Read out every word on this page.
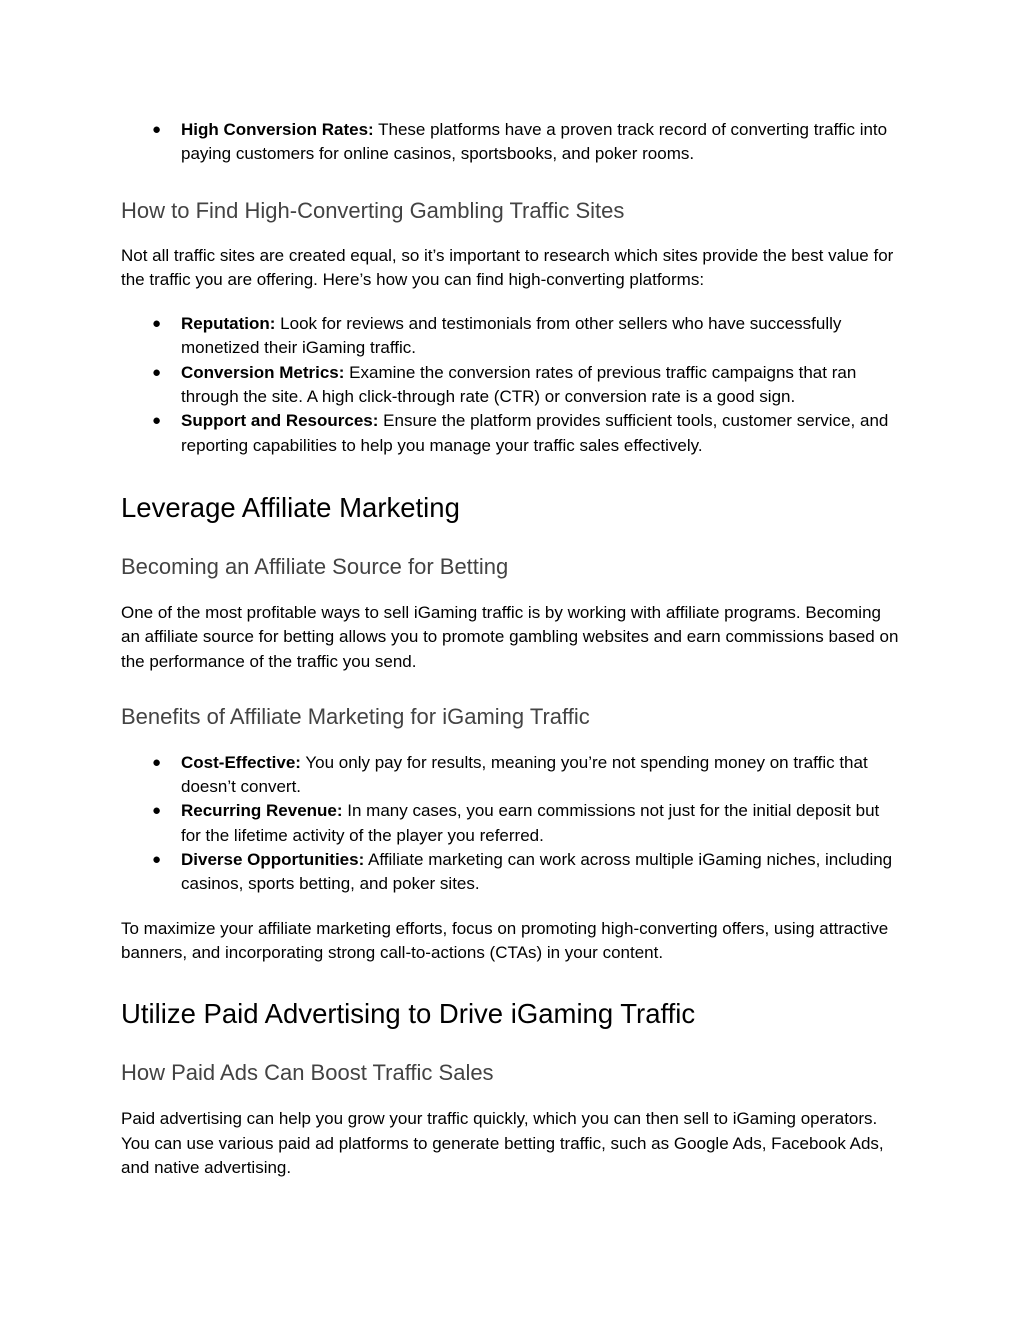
● High Conversion Rates: These platforms have a proven track record of converting traffic into paying customers for online casinos, sportsbooks, and poker rooms.
How to Find High-Converting Gambling Traffic Sites

Not all traffic sites are created equal, so it’s important to research which sites provide the best value for the traffic you are offering. Here’s how you can find high-converting platforms:

● Reputation: Look for reviews and testimonials from other sellers who have successfully monetized their iGaming traffic.
● Conversion Metrics: Examine the conversion rates of previous traffic campaigns that ran through the site. A high click-through rate (CTR) or conversion rate is a good sign.
● Support and Resources: Ensure the platform provides sufficient tools, customer service, and reporting capabilities to help you manage your traffic sales effectively.
Leverage Affiliate Marketing
Becoming an Affiliate Source for Betting

One of the most profitable ways to sell iGaming traffic is by working with affiliate programs. Becoming an affiliate source for betting allows you to promote gambling websites and earn commissions based on the performance of the traffic you send.

Benefits of Affiliate Marketing for iGaming Traffic
● Cost-Effective: You only pay for results, meaning you’re not spending money on traffic that doesn’t convert.
● Recurring Revenue: In many cases, you earn commissions not just for the initial deposit but for the lifetime activity of the player you referred.
● Diverse Opportunities: Affiliate marketing can work across multiple iGaming niches, including casinos, sports betting, and poker sites.

To maximize your affiliate marketing efforts, focus on promoting high-converting offers, using attractive banners, and incorporating strong call-to-actions (CTAs) in your content.

Utilize Paid Advertising to Drive iGaming Traffic
How Paid Ads Can Boost Traffic Sales

Paid advertising can help you grow your traffic quickly, which you can then sell to iGaming operators. You can use various paid ad platforms to generate betting traffic, such as Google Ads, Facebook Ads, and native advertising.
